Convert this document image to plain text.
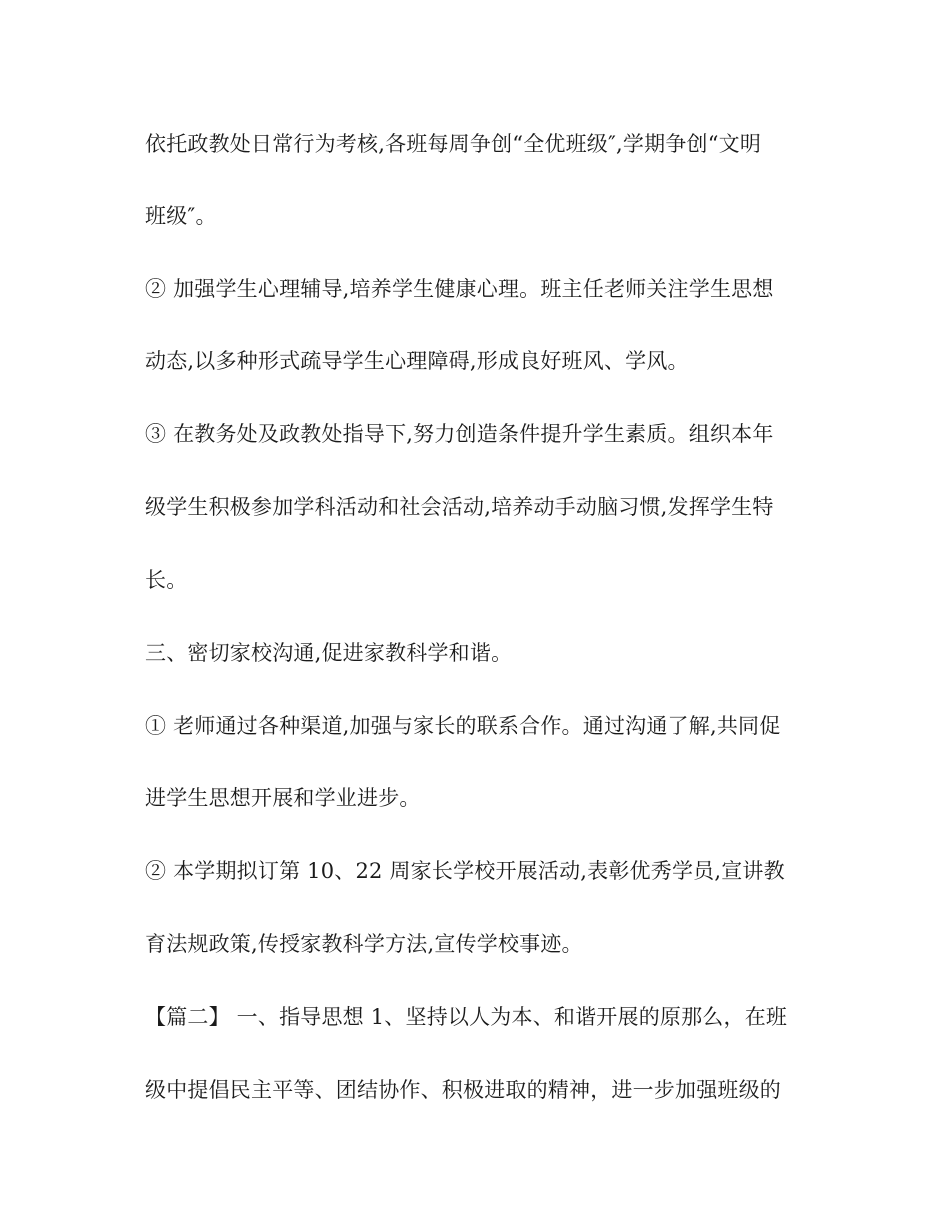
依托政教处日常行为考核,各班每周争创“全优班级″,学期争创“文明
班级″。
② 加强学生心理辅导,培养学生健康心理。班主任老师关注学生思想
动态,以多种形式疏导学生心理障碍,形成良好班风、学风。
③ 在教务处及政教处指导下,努力创造条件提升学生素质。组织本年
级学生积极参加学科活动和社会活动,培养动手动脑习惯,发挥学生特
长。
三、密切家校沟通,促进家教科学和谐。
① 老师通过各种渠道,加强与家长的联系合作。通过沟通了解,共同促
进学生思想开展和学业进步。
② 本学期拟订第 10、22 周家长学校开展活动,表彰优秀学员,宣讲教
育法规政策,传授家教科学方法,宣传学校事迹。
【篇二】 一、指导思想 1、坚持以人为本、和谐开展的原那么，在班
级中提倡民主平等、团结协作、积极进取的精神，进一步加强班级的
